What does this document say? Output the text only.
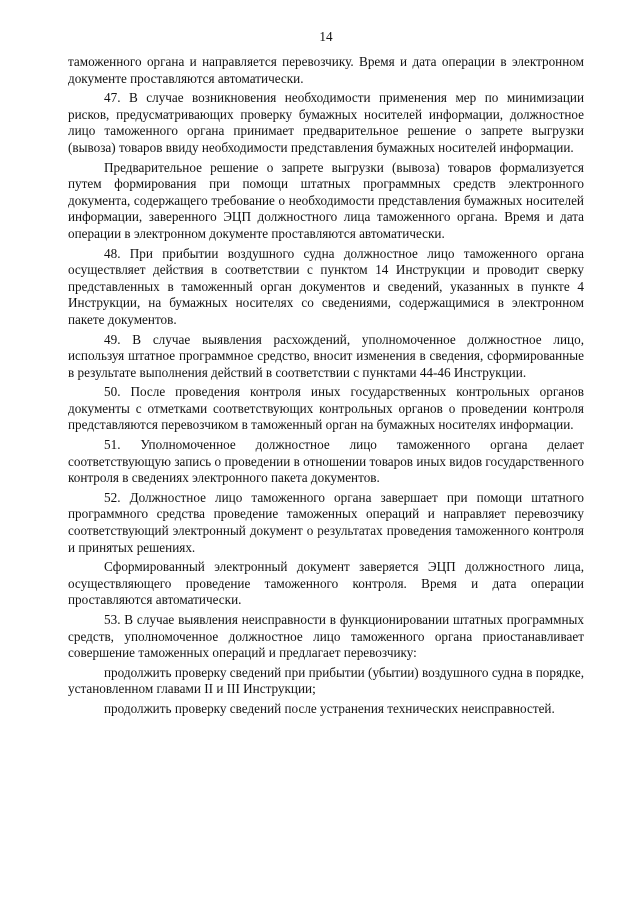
14

таможенного органа и направляется перевозчику. Время и дата операции в электронном документе проставляются автоматически.

47. В случае возникновения необходимости применения мер по минимизации рисков, предусматривающих проверку бумажных носителей информации, должностное лицо таможенного органа принимает предварительное решение о запрете выгрузки (вывоза) товаров ввиду необходимости представления бумажных носителей информации.

Предварительное решение о запрете выгрузки (вывоза) товаров формализуется путем формирования при помощи штатных программных средств электронного документа, содержащего требование о необходимости представления бумажных носителей информации, заверенного ЭЦП должностного лица таможенного органа. Время и дата операции в электронном документе проставляются автоматически.

48. При прибытии воздушного судна должностное лицо таможенного органа осуществляет действия в соответствии с пунктом 14 Инструкции и проводит сверку представленных в таможенный орган документов и сведений, указанных в пункте 4 Инструкции, на бумажных носителях со сведениями, содержащимися в электронном пакете документов.

49. В случае выявления расхождений, уполномоченное должностное лицо, используя штатное программное средство, вносит изменения в сведения, сформированные в результате выполнения действий в соответствии с пунктами 44-46 Инструкции.

50. После проведения контроля иных государственных контрольных органов документы с отметками соответствующих контрольных органов о проведении контроля представляются перевозчиком в таможенный орган на бумажных носителях информации.

51. Уполномоченное должностное лицо таможенного органа делает соответствующую запись о проведении в отношении товаров иных видов государственного контроля в сведениях электронного пакета документов.

52. Должностное лицо таможенного органа завершает при помощи штатного программного средства проведение таможенных операций и направляет перевозчику соответствующий электронный документ о результатах проведения таможенного контроля и принятых решениях.

Сформированный электронный документ заверяется ЭЦП должностного лица, осуществляющего проведение таможенного контроля. Время и дата операции проставляются автоматически.

53. В случае выявления неисправности в функционировании штатных программных средств, уполномоченное должностное лицо таможенного органа приостанавливает совершение таможенных операций и предлагает перевозчику:

продолжить проверку сведений при прибытии (убытии) воздушного судна в порядке, установленном главами II и III Инструкции;

продолжить проверку сведений после устранения технических неисправностей.
